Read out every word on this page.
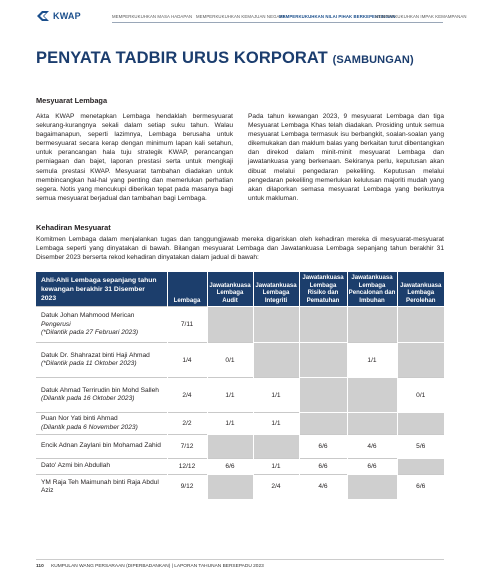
KWAP	MEMPERKUKUHKAN MASA HADAPAN MEMPERKUKUHKAN KEMAJUAN NEGARA
MEMPERKUKUHKAN NILAI PIHAK BERKEPENTINGAN
MEMPERKUKUHKAN IMPAK KEMAMPANAN
PENYATA TADBIR URUS KORPORAT (SAMBUNGAN)
Mesyuarat Lembaga

Akta KWAP menetapkan Lembaga hendaklah bermesyuarat sekurang-kurangnya sekali dalam setiap suku tahun. Walau bagaimanapun, seperti lazimnya, Lembaga berusaha untuk bermesyuarat secara kerap dengan minimum lapan kali setahun, untuk perancangan hala tuju strategik KWAP, perancangan perniagaan dan bajet, laporan prestasi serta untuk mengkaji semula prestasi KWAP. Mesyuarat tambahan diadakan untuk membincangkan hal-hal yang penting dan memerlukan perhatian segera. Notis yang mencukupi diberikan tepat pada masanya bagi semua mesyuarat berjadual dan tambahan bagi Lembaga.

Pada tahun kewangan 2023, 9 mesyuarat Lembaga dan tiga Mesyuarat Lembaga Khas telah diadakan. Prosiding untuk semua mesyuarat Lembaga termasuk isu berbangkit, soalan-soalan yang dikemukakan dan maklum balas yang berkaitan turut dibentangkan dan direkod dalam minit-minit mesyuarat Lembaga dan jawatankuasa yang berkenaan. Sekiranya perlu, keputusan akan dibuat melalui pengedaran pekeliling. Keputusan melalui pengedaran pekeliling memerlukan kelulusan majoriti mudah yang akan dilaporkan semasa mesyuarat Lembaga yang berikutnya untuk makluman.

Kehadiran Mesyuarat

Komitmen Lembaga dalam menjalankan tugas dan tanggungjawab mereka digariskan oleh kehadiran mereka di mesyuarat-mesyuarat Lembaga seperti yang dinyatakan di bawah. Bilangan mesyuarat Lembaga dan Jawatankuasa Lembaga sepanjang tahun berakhir 31 Disember 2023 berserta rekod kehadiran dinyatakan dalam jadual di bawah:

Ahli-Ahli Lembaga sepanjang tahun kewangan berakhir 31 Disember 2023	Lembaga	Jawatankuasa Lembaga Audit	Jawatankuasa Lembaga Integriti	Jawatankuasa Lembaga Risiko dan Pematuhan	Jawatankuasa Lembaga Pencalonan dan Imbuhan	Jawatankuasa Lembaga Perolehan

Datuk Johan Mahmood Merican
Pengerusi
(*Dilantik pada 27 Februari 2023)	7/11					

Datuk Dr. Shahrazat binti Haji Ahmad
(*Dilantik pada 11 Oktober 2023)	1/4	0/1			1/1	

Datuk Ahmad Terrirudin bin Mohd Salleh
(Dilantik pada 16 Oktober 2023)	2/4	1/1	1/1			0/1

Puan Nor Yati binti Ahmad
(Dilantik pada 6 November 2023)	2/2	1/1	1/1			

Encik Adnan Zaylani bin Mohamad Zahid	7/12			6/6	4/6	5/6

Dato' Azmi bin Abdullah	12/12	6/6	1/1	6/6	6/6	

YM Raja Teh Maimunah binti Raja Abdul Aziz	9/12		2/4	4/6		6/6
110 KUMPULAN WANG PERSARAAN (DIPERBADANKAN) | LAPORAN TAHUNAN BERSEPADU 2023
